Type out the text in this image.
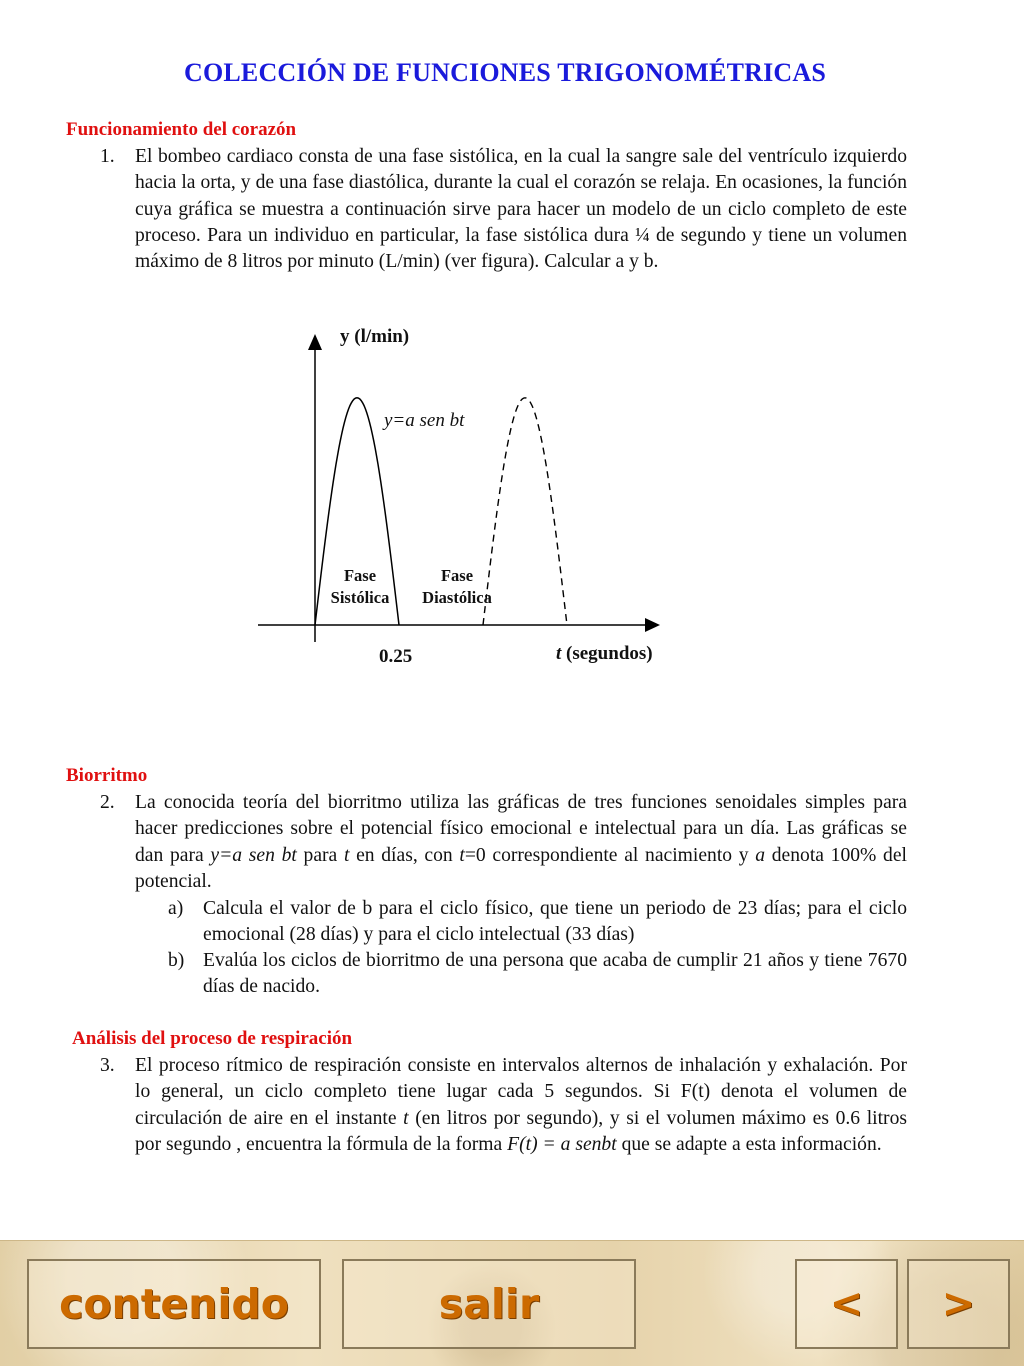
COLECCIÓN DE FUNCIONES TRIGONOMÉTRICAS
Funcionamiento del corazón
1. El bombeo cardiaco consta de una fase sistólica, en la cual la sangre sale del ventrículo izquierdo hacia la orta, y de una fase diastólica, durante la cual el corazón se relaja. En ocasiones, la función cuya gráfica se muestra a continuación sirve para hacer un modelo de un ciclo completo de este proceso. Para un individuo en particular, la fase sistólica dura ¼ de segundo y tiene un volumen máximo de 8 litros por minuto (L/min) (ver figura). Calcular a y b.
y (l/min)
y=a sen bt
Fase
Sistólica
Fase
Diastólica
0.25	t (segundos)
Biorritmo
2. La conocida teoría del biorritmo utiliza las gráficas de tres funciones senoidales simples para hacer predicciones sobre el potencial físico emocional e intelectual para un día. Las gráficas se dan para y=a sen bt para t en días, con t=0 correspondiente al nacimiento y a denota 100% del potencial.
a) Calcula el valor de b para el ciclo físico, que tiene un periodo de 23 días; para el ciclo emocional (28 días) y para el ciclo intelectual (33 días)
b) Evalúa los ciclos de biorritmo de una persona que acaba de cumplir 21 años y tiene 7670 días de nacido.
Análisis del proceso de respiración
3. El proceso rítmico de respiración consiste en intervalos alternos de inhalación y exhalación. Por lo general, un ciclo completo tiene lugar cada 5 segundos. Si F(t) denota el volumen de circulación de aire en el instante t (en litros por segundo), y si el volumen máximo es 0.6 litros por segundo , encuentra la fórmula de la forma F(t) = a senbt que se adapte a esta información.
contenido	salir	< >
